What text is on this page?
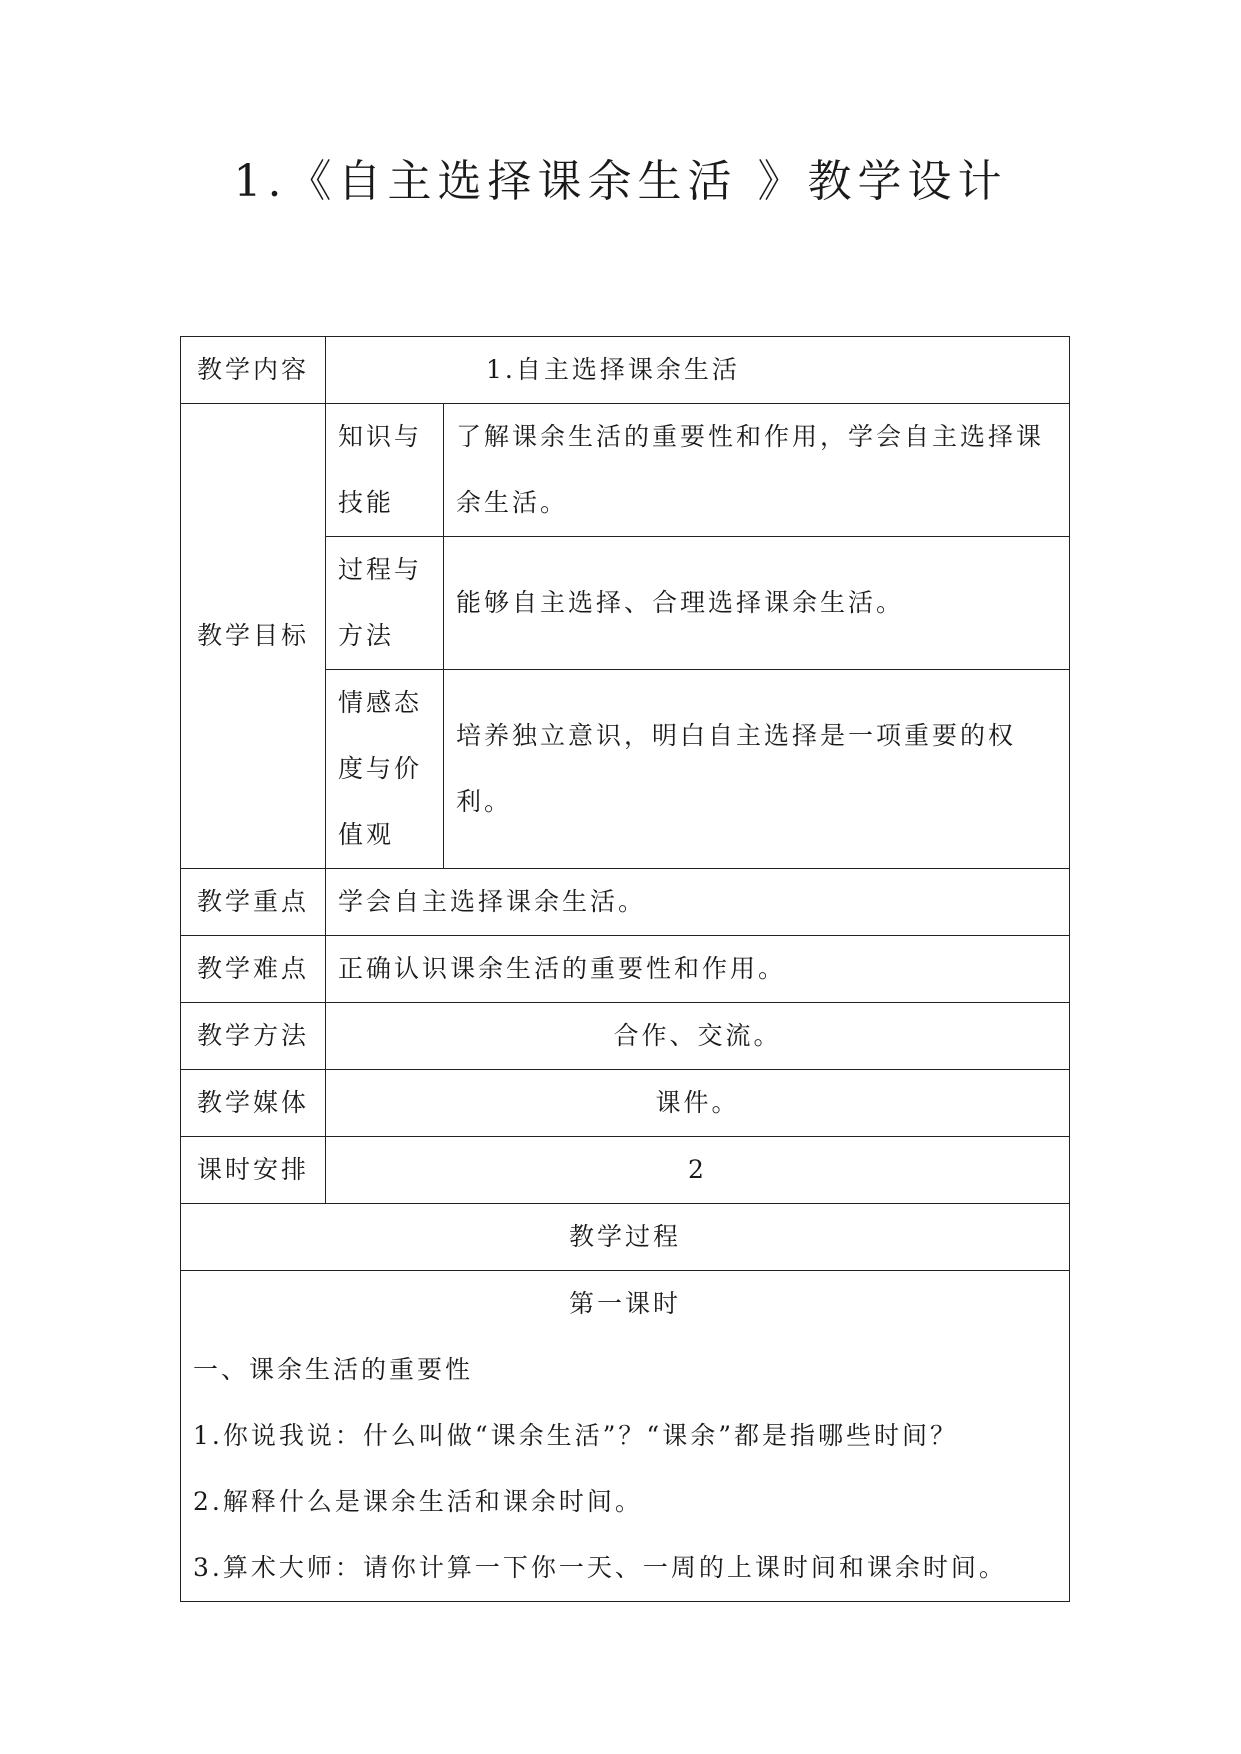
1.《自主选择课余生活 》教学设计
教学内容	1.自主选择课余生活	
教学目标	知识与技能	了解课余生活的重要性和作用，学会自主选择课余生活。
	过程与方法	能够自主选择、合理选择课余生活。
	情感态度与价值观	培养独立意识，明白自主选择是一项重要的权利。
教学重点	学会自主选择课余生活。	
教学难点	正确认识课余生活的重要性和作用。	
教学方法	合作、交流。	
教学媒体	课件。	
课时安排	2	
教学过程		

第一课时
一、课余生活的重要性
1.你说我说：什么叫做“课余生活”？“课余”都是指哪些时间？
2.解释什么是课余生活和课余时间。
3.算术大师：请你计算一下你一天、一周的上课时间和课余时间。		
